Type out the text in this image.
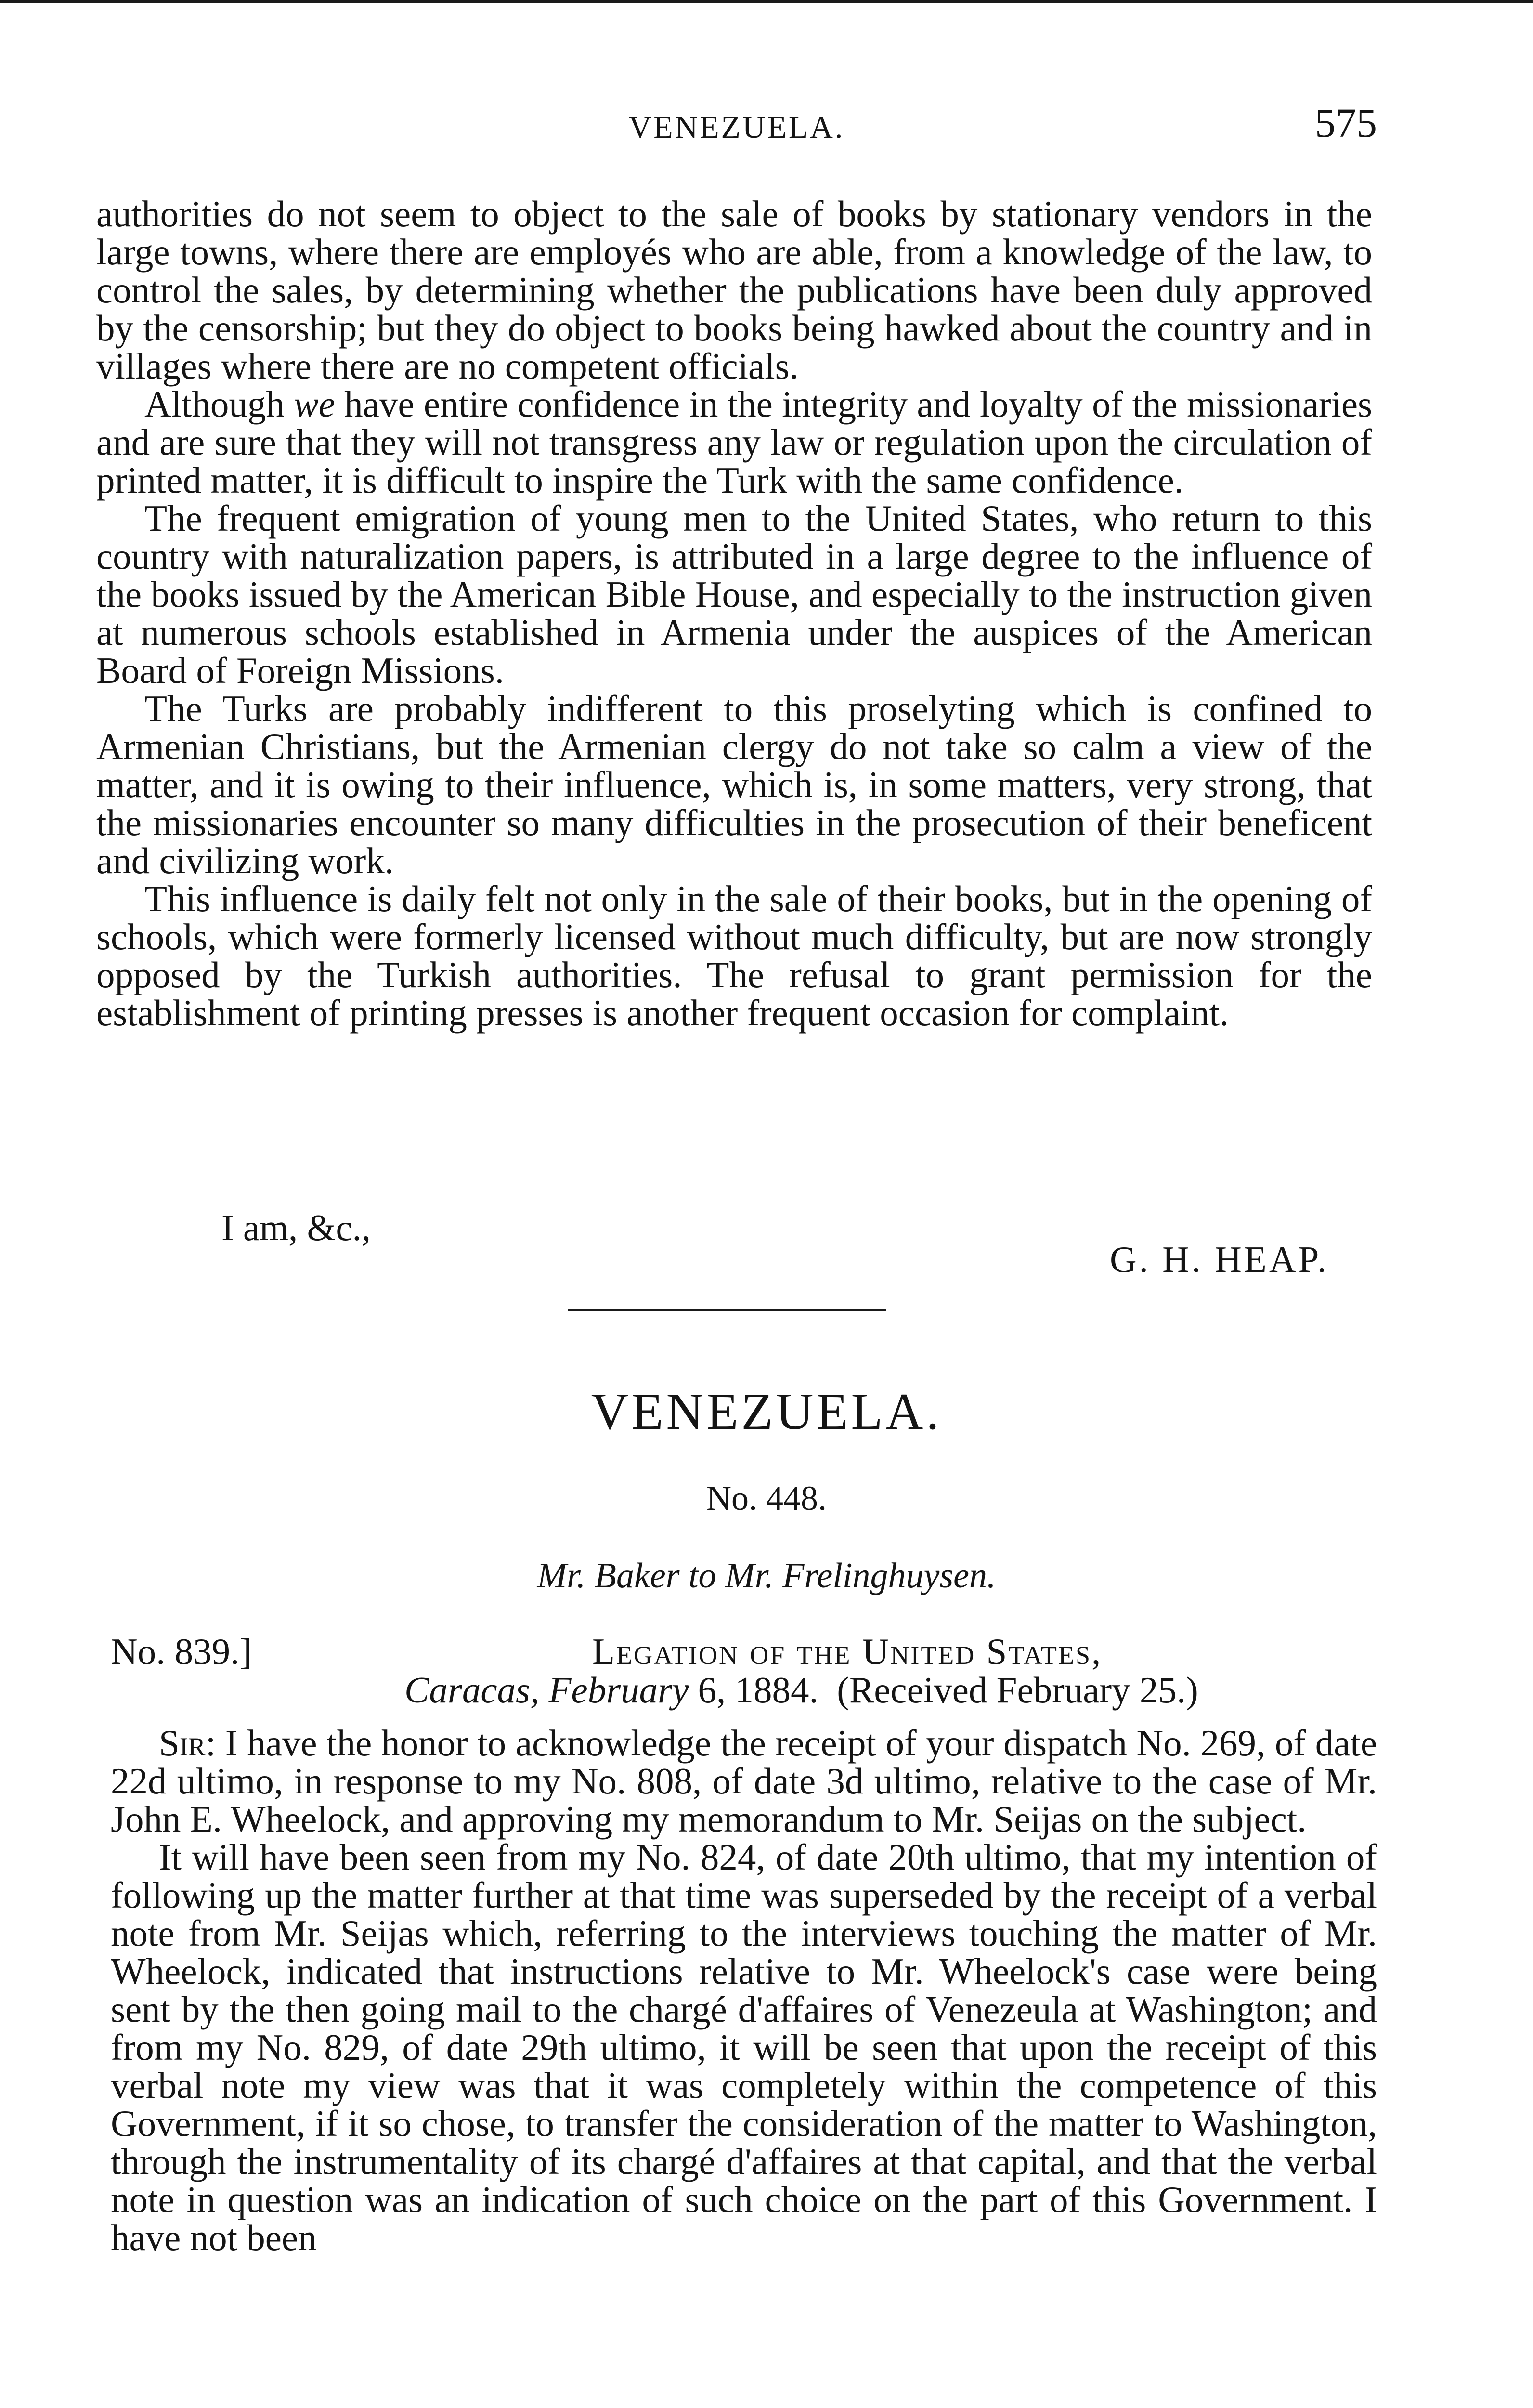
VENEZUELA.	575

authorities do not seem to object to the sale of books by stationary vendors in the large towns, where there are employés who are able, from a knowledge of the law, to control the sales, by determining whether the publications have been duly approved by the censorship; but they do object to books being hawked about the country and in villages where there are no competent officials.

Although we have entire confidence in the integrity and loyalty of the missionaries and are sure that they will not transgress any law or regulation upon the circulation of printed matter, it is difficult to inspire the Turk with the same confidence.

The frequent emigration of young men to the United States, who return to this country with naturalization papers, is attributed in a large degree to the influence of the books issued by the American Bible House, and especially to the instruction given at numerous schools established in Armenia under the auspices of the American Board of Foreign Missions.

The Turks are probably indifferent to this proselyting which is confined to Armenian Christians, but the Armenian clergy do not take so calm a view of the matter, and it is owing to their influence, which is, in some matters, very strong, that the missionaries encounter so many difficulties in the prosecution of their beneficent and civilizing work.

This influence is daily felt not only in the sale of their books, but in the opening of schools, which were formerly licensed without much difficulty, but are now strongly opposed by the Turkish authorities. The refusal to grant permission for the establishment of printing presses is another frequent occasion for complaint.

I am, &c.,
G. H. HEAP.
VENEZUELA.
No. 448.
Mr. Baker to Mr. Frelinghuysen.
No. 839.]	Legation of the United States,
Caracas, February 6, 1884. (Received February 25.)

Sir: I have the honor to acknowledge the receipt of your dispatch No. 269, of date 22d ultimo, in response to my No. 808, of date 3d ultimo, relative to the case of Mr. John E. Wheelock, and approving my memorandum to Mr. Seijas on the subject.

It will have been seen from my No. 824, of date 20th ultimo, that my intention of following up the matter further at that time was superseded by the receipt of a verbal note from Mr. Seijas which, referring to the interviews touching the matter of Mr. Wheelock, indicated that instructions relative to Mr. Wheelock's case were being sent by the then going mail to the chargé d'affaires of Venezeula at Washington; and from my No. 829, of date 29th ultimo, it will be seen that upon the receipt of this verbal note my view was that it was completely within the competence of this Government, if it so chose, to transfer the consideration of the matter to Washington, through the instrumentality of its chargé d'affaires at that capital, and that the verbal note in question was an indication of such choice on the part of this Government. I have not been
